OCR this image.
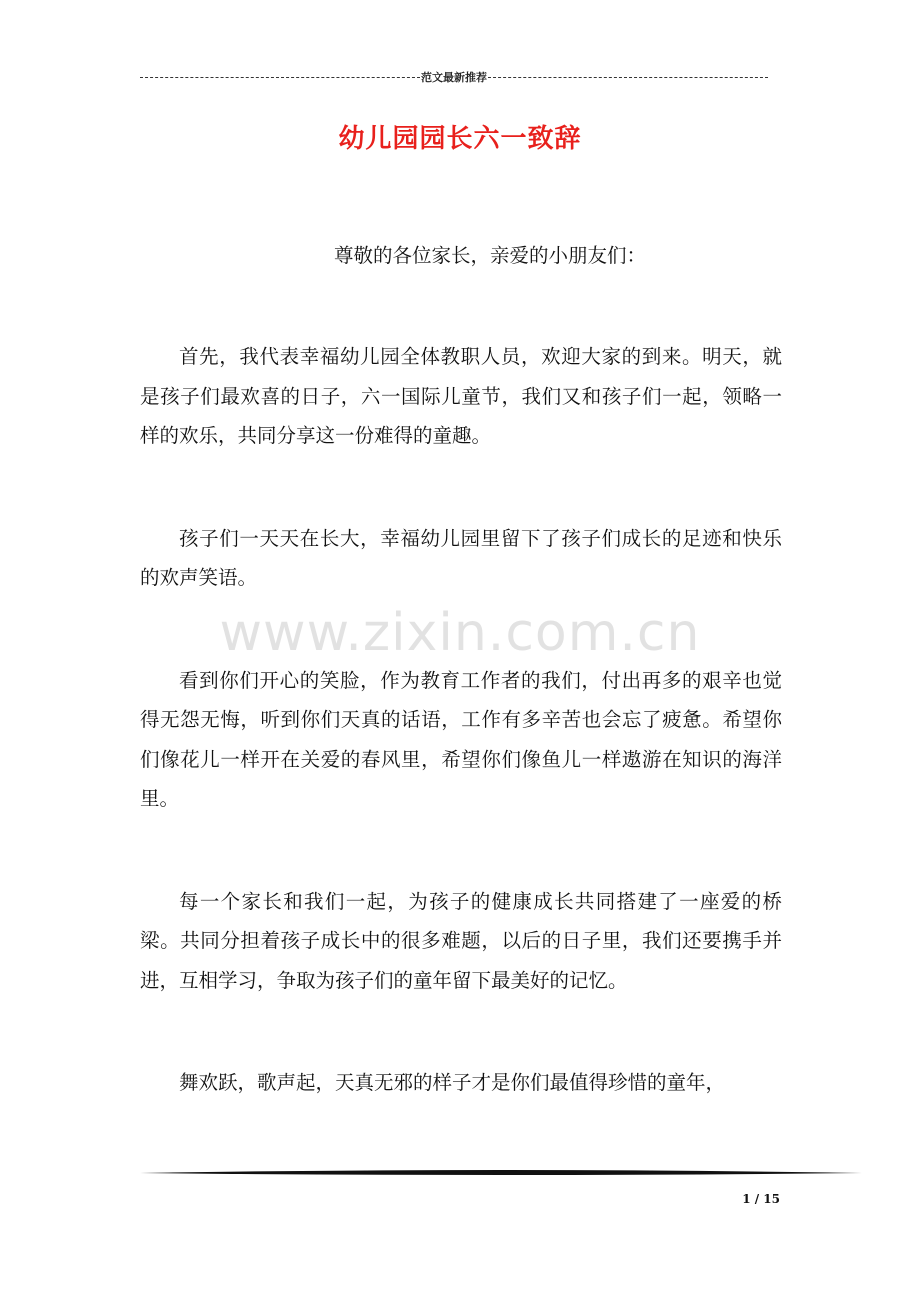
范文最新推荐
幼儿园园长六一致辞

www.zixin.com.cn

尊敬的各位家长，亲爱的小朋友们：

首先，我代表幸福幼儿园全体教职人员，欢迎大家的到来。明天，就是孩子们最欢喜的日子，六一国际儿童节，我们又和孩子们一起，领略一样的欢乐，共同分享这一份难得的童趣。

孩子们一天天在长大，幸福幼儿园里留下了孩子们成长的足迹和快乐的欢声笑语。

看到你们开心的笑脸，作为教育工作者的我们，付出再多的艰辛也觉得无怨无悔，听到你们天真的话语，工作有多辛苦也会忘了疲惫。希望你们像花儿一样开在关爱的春风里，希望你们像鱼儿一样遨游在知识的海洋里。

每一个家长和我们一起，为孩子的健康成长共同搭建了一座爱的桥梁。共同分担着孩子成长中的很多难题，以后的日子里，我们还要携手并进，互相学习，争取为孩子们的童年留下最美好的记忆。

舞欢跃，歌声起，天真无邪的样子才是你们最值得珍惜的童年，

1 / 15
